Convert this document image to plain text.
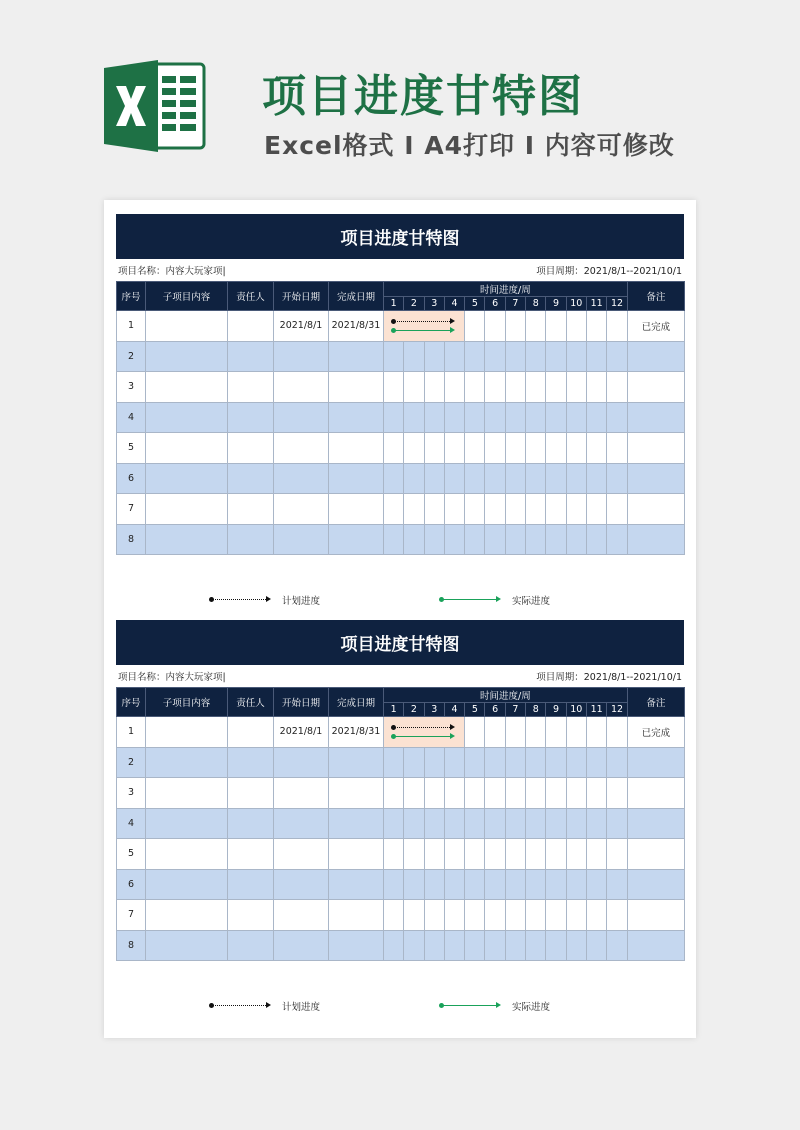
项目进度甘特图
Excel格式 I A4打印 I 内容可修改
项目进度甘特图
项目名称：内容大玩家项|	项目周期：2021/8/1--2021/10/1
序号	子项目内容	责任人	开始日期	完成日期	时间进度/周												备注
					1	2	3	4	5	6	7	8	9	10	11	12	
1			2021/8/1	2021/8/31													已完成
2																	
3																	
4																	
5																	
6																	
7																	
8																	
计划进度	实际进度
项目进度甘特图
项目名称：内容大玩家项|	项目周期：2021/8/1--2021/10/1
序号	子项目内容	责任人	开始日期	完成日期	时间进度/周												备注
					1	2	3	4	5	6	7	8	9	10	11	12	
1			2021/8/1	2021/8/31													已完成
2																	
3																	
4																	
5																	
6																	
7																	
8																	
计划进度	实际进度
